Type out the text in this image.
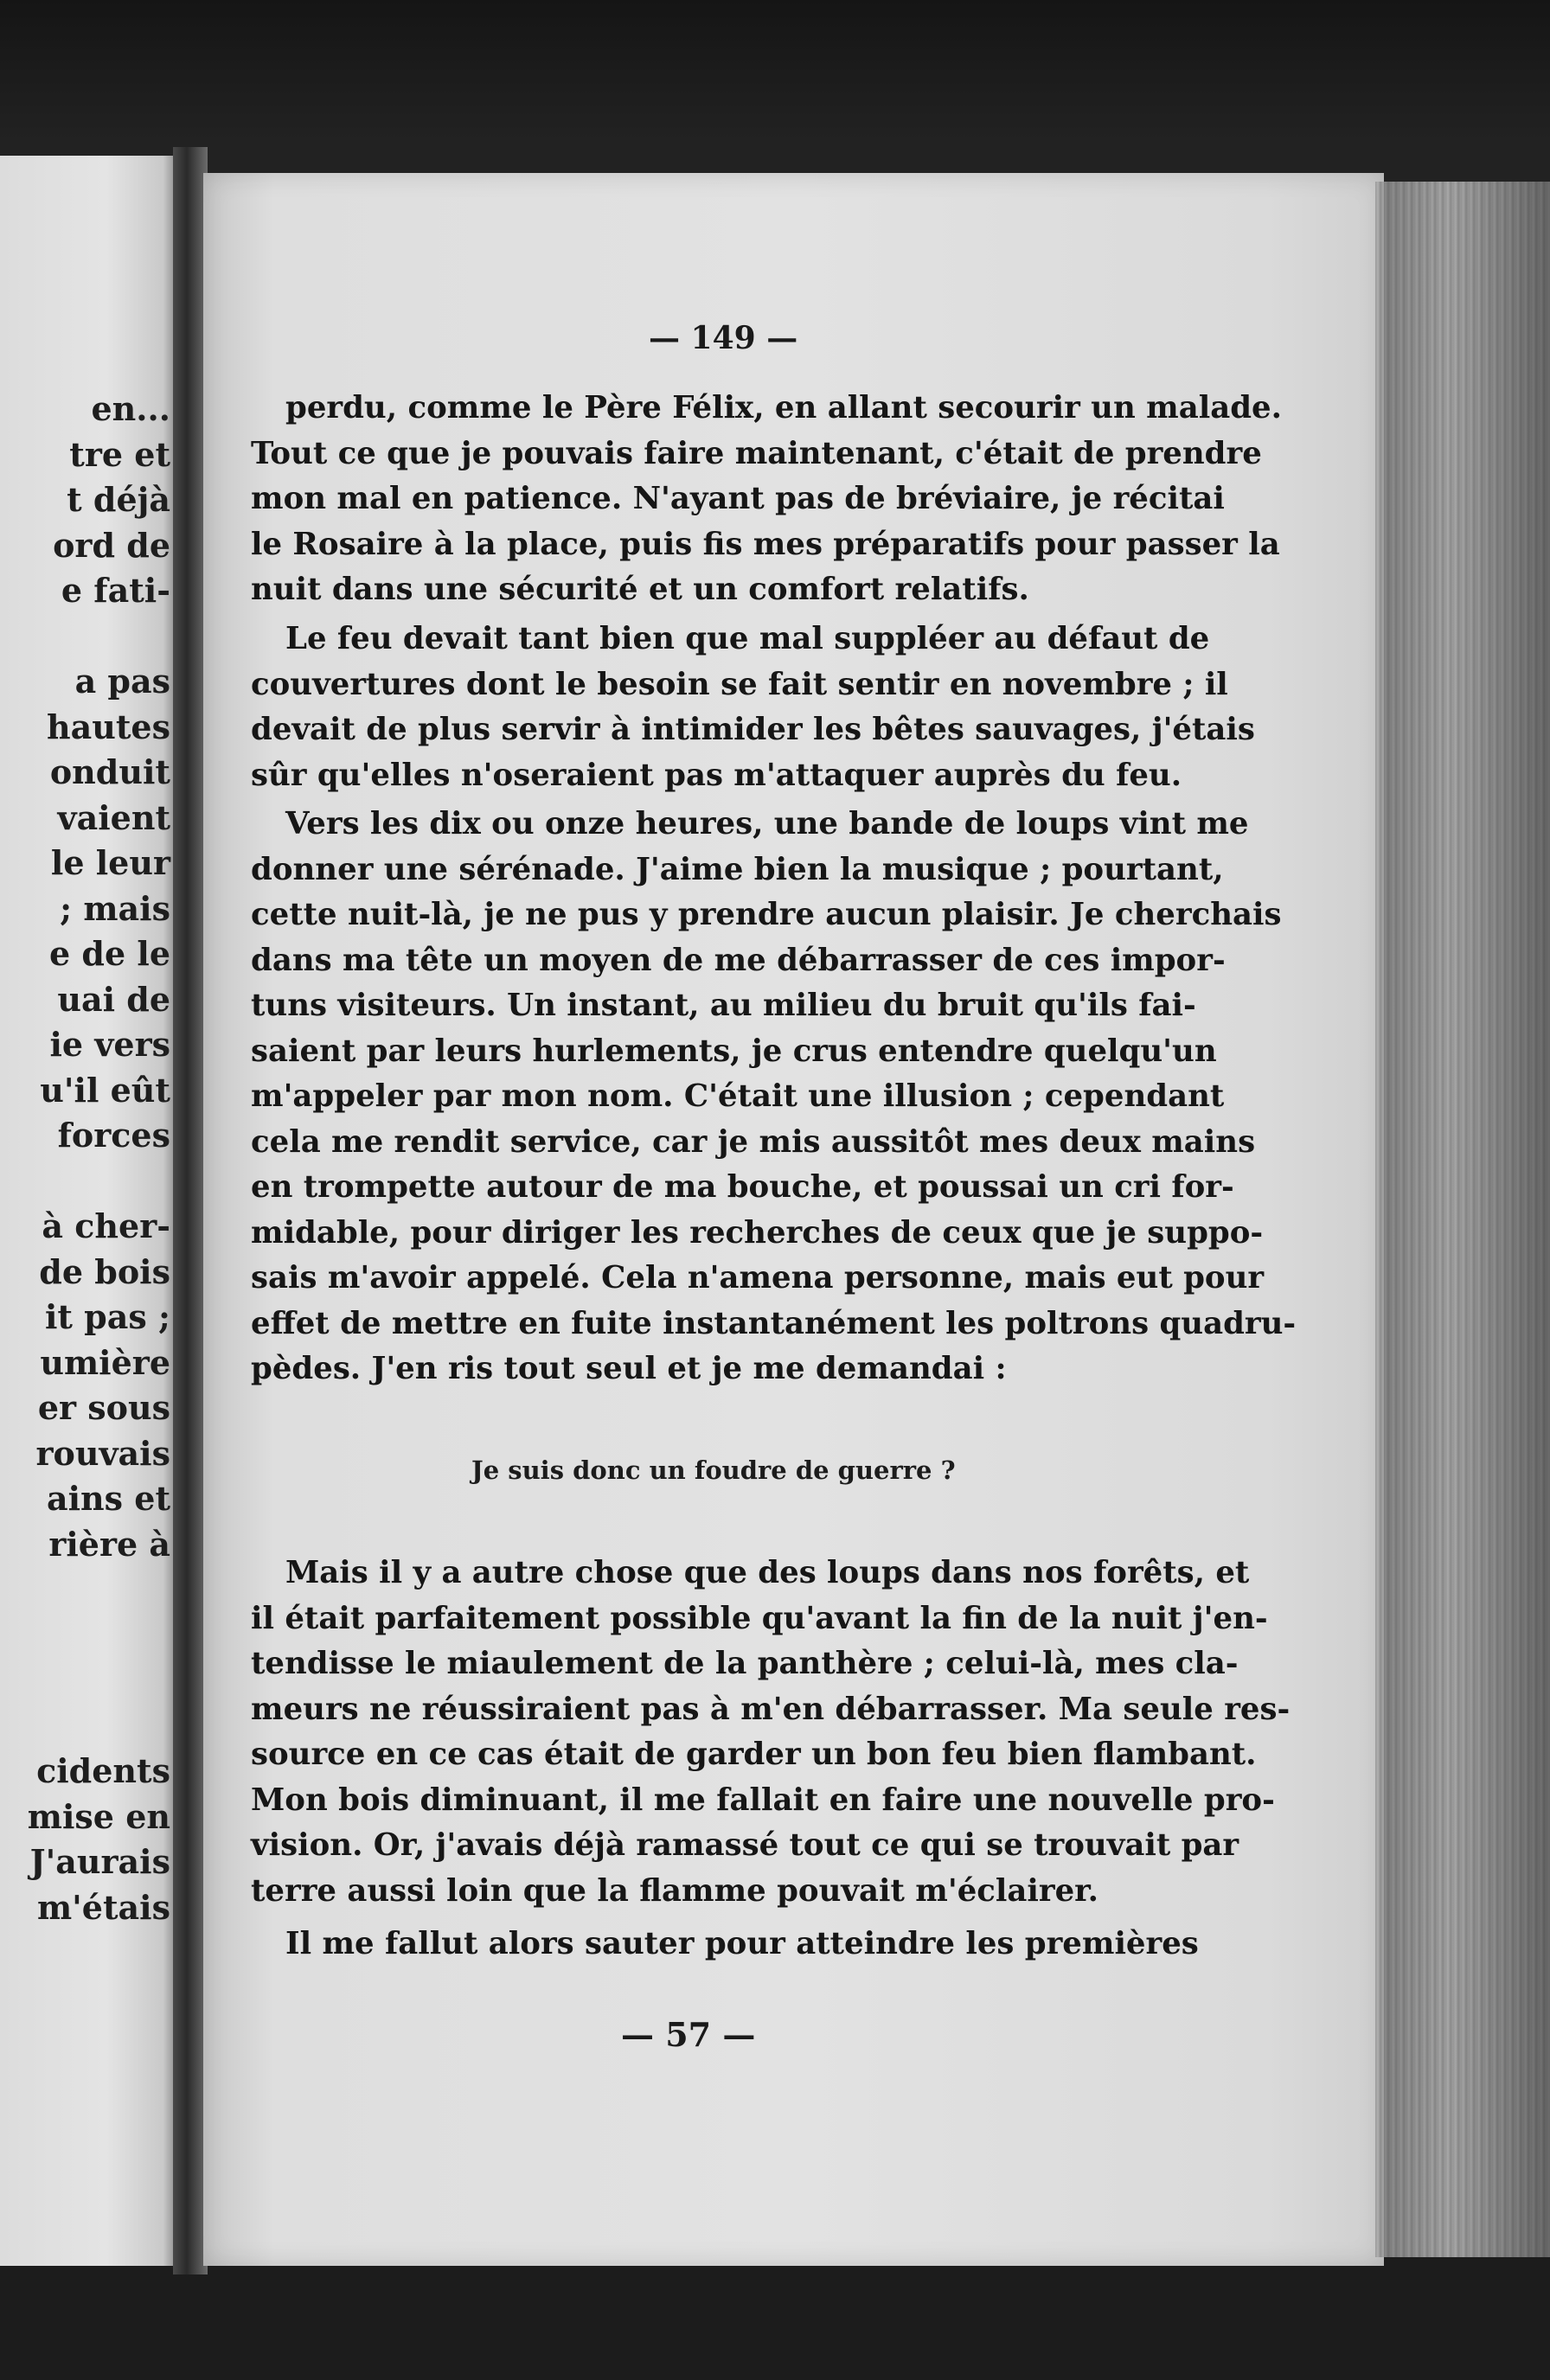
en...
tre et
t déjà
ord de
e fati-
a pas
hautes
onduit
vaient
le leur
; mais
e de le
uai de
ie vers
u'il eût
forces
à cher-
de bois
it pas ;
umière
er sous
rouvais
ains et
rière à
cidents
mise en
J'aurais
m'étais
— 149 —
perdu, comme le Père Félix, en allant secourir un malade.
Tout ce que je pouvais faire maintenant, c'était de prendre
mon mal en patience. N'ayant pas de bréviaire, je récitai
le Rosaire à la place, puis fis mes préparatifs pour passer la
nuit dans une sécurité et un comfort relatifs.
Le feu devait tant bien que mal suppléer au défaut de
couvertures dont le besoin se fait sentir en novembre ; il
devait de plus servir à intimider les bêtes sauvages, j'étais
sûr qu'elles n'oseraient pas m'attaquer auprès du feu.
Vers les dix ou onze heures, une bande de loups vint me
donner une sérénade. J'aime bien la musique ; pourtant,
cette nuit-là, je ne pus y prendre aucun plaisir. Je cherchais
dans ma tête un moyen de me débarrasser de ces impor-
tuns visiteurs. Un instant, au milieu du bruit qu'ils fai-
saient par leurs hurlements, je crus entendre quelqu'un
m'appeler par mon nom. C'était une illusion ; cependant
cela me rendit service, car je mis aussitôt mes deux mains
en trompette autour de ma bouche, et poussai un cri for-
midable, pour diriger les recherches de ceux que je suppo-
sais m'avoir appelé. Cela n'amena personne, mais eut pour
effet de mettre en fuite instantanément les poltrons quadru-
pèdes. J'en ris tout seul et je me demandai :
Je suis donc un foudre de guerre ?
Mais il y a autre chose que des loups dans nos forêts, et
il était parfaitement possible qu'avant la fin de la nuit j'en-
tendisse le miaulement de la panthère ; celui-là, mes cla-
meurs ne réussiraient pas à m'en débarrasser. Ma seule res-
source en ce cas était de garder un bon feu bien flambant.
Mon bois diminuant, il me fallait en faire une nouvelle pro-
vision. Or, j'avais déjà ramassé tout ce qui se trouvait par
terre aussi loin que la flamme pouvait m'éclairer.
Il me fallut alors sauter pour atteindre les premières
— 57 —
